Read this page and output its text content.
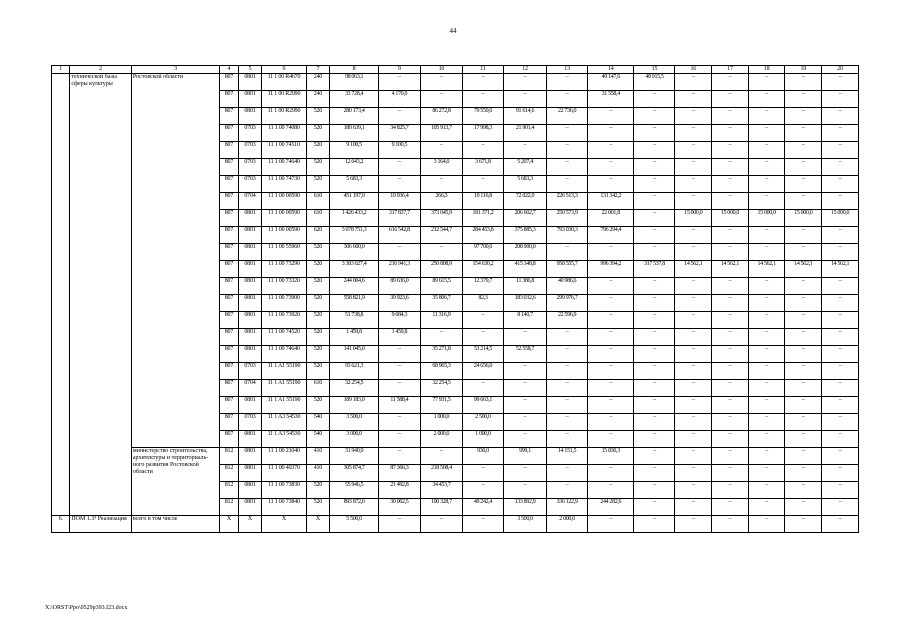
44
1	2	3	4	5	6	7	8	9	10	11	12	13	14	15	16	17	18	19	20
	технической базы сферы культуры	Ростовской области	807	0801	11 1 00 R4670	240	98 063,1	–	–	–	–	–	49 147,6	48 915,5	–	–	–	–	–
			807	0801	11 1 00 R2990	240	33 728,4	4 170,0	–	–	–	–	31 558,4	–	–	–	–	–	–
			807	0801	11 1 00 R2990	520	280 173,4	–	86 272,8	79 550,0	91 614,6	22 736,0	–	–	–	–	–	–	–
			807	0703	11 1 00 74080	520	180 639,1	34 825,7	105 913,7	17 998,3	21 901,4	–	–	–	–	–	–	–	–
			807	0703	11 1 00 74510	520	9 100,5	9 100,5	–	–	–	–	–	–	–	–	–	–	–
			807	0703	11 1 00 74640	520	12 043,2	–	3 164,0	3 671,8	5 207,4	–	–	–	–	–	–	–	–
			807	0703	11 1 00 74730	520	5 683,3	–	–	–	5 683,3	–	–	–	–	–	–	–	–
			807	0704	11 1 00 00590	610	451 197,0	10 936,4	266,3	10 116,8	72 022,0	226 513,3	131 342,2	–	–	–	–	–	–
			807	0801	11 1 00 00590	610	1 426 433,2	317 837,7	373 045,9	181 371,2	206 602,7	250 573,9	22 001,8	–	15 000,0	15 000,0	15 000,0	15 000,0	15 000,0
			807	0801	11 1 00 00590	620	3 078 751,3	616 542,8	212 544,7	284 453,8	375 885,3	793 030,3	796 294,4	–	–	–	–	–	–
			807	0801	11 1 00 55960	520	306 600,0	–	–	97 700,0	208 900,0	–	–	–	–	–	–	–	–
			807	0801	11 1 00 73290	520	3 383 027,4	216 941,3	250 808,9	154 630,2	415 348,8	958 555,7	996 394,2	317 537,8	14 562,1	14 562,1	14 562,1	14 562,1	14 562,1
			807	0801	11 1 00 73320	520	244 004,6	89 636,0	89 615,5	12 379,7	11 386,8	40 986,6	–	–	–	–	–	–	–
			807	0801	11 1 00 73900	520	558 821,9	39 923,6	35 806,7	82,3	183 032,6	299 976,7	–	–	–	–	–	–	–
			807	0801	11 1 00 73920	520	51 738,8	9 684,3	11 316,9	–	8 140,7	22 596,9	–	–	–	–	–	–	–
			807	0801	11 1 00 74520	520	1 459,8	1 459,8	–	–	–	–	–	–	–	–	–	–	–
			807	0801	11 1 00 74640	520	141 045,0	–	35 271,8	53 214,5	52 558,7	–	–	–	–	–	–	–	–
			807	0703	11 1 A1 55190	520	93 621,3	–	68 965,3	24 656,0	–	–	–	–	–	–	–	–	–
			807	0704	11 1 A1 55190	610	32 254,5	–	32 254,5	–	–	–	–	–	–	–	–	–	–
			807	0801	11 1 A1 55190	520	189 183,0	11 588,4	77 931,5	99 663,1	–	–	–	–	–	–	–	–	–
			807	0703	11 1 A3 54530	540	3 500,0	–	1 000,0	2 500,0	–	–	–	–	–	–	–	–	–
			807	0801	11 1 A3 54530	540	3 000,0	–	2 000,0	1 000,0	–	–	–	–	–	–	–	–	–
		министерство строительства, архитектуры и территориаль-ного развития Ростовской области	812	0801	11 1 00 21040	410	31 940,9	–	–	930,0	999,1	14 151,5	15 830,3	–	–	–	–	–	–
			812	0801	11 1 00 40370	410	305 874,7	87 366,3	218 508,4	–	–	–	–	–	–	–	–	–	–
			812	0801	11 1 00 73830	520	55 946,5	21 492,8	34 453,7	–	–	–	–	–	–	–	–	–	–
			812	0801	11 1 00 73840	520	893 872,0	30 002,5	100 328,7	49 242,4	133 892,9	336 122,9	244 282,6	–	–	–	–	–	–
6.	ПОМ 1.3³ Реализация	всего в том числе	X	X	X	X	5 500,0	–	–	–	3 500,0	2 000,0	–	–	–	–	–	–	–
X:\ORST\Ppo\0529p393.f23.docx
